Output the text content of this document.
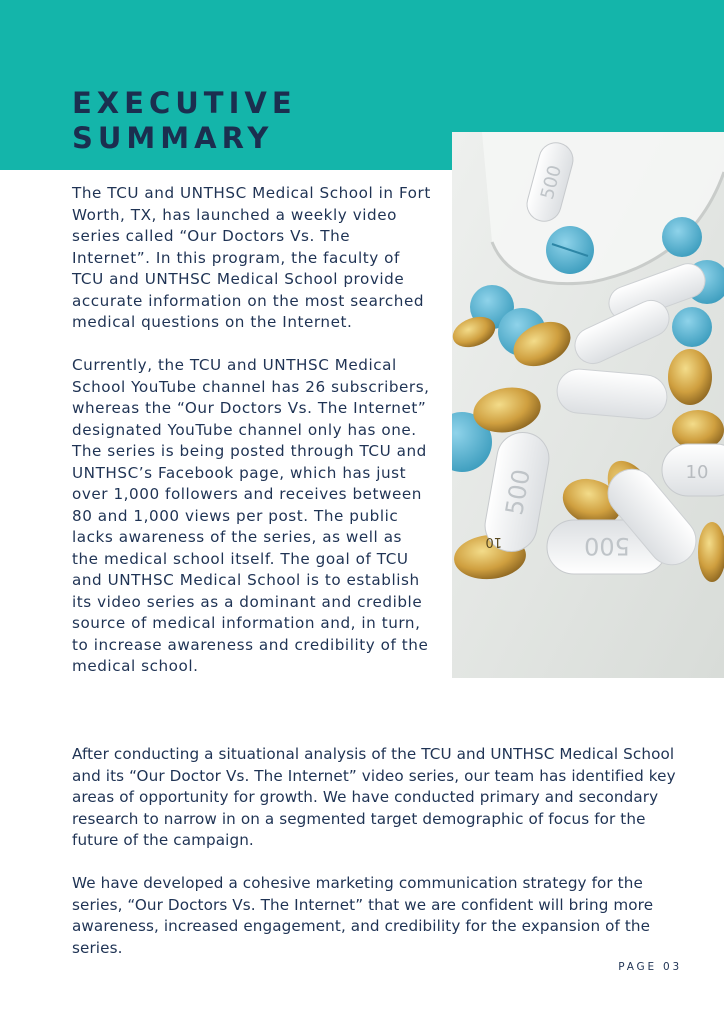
EXECUTIVE
SUMMARY
500
500
500
10
10

The TCU and UNTHSC Medical School in Fort Worth, TX, has launched a weekly video series called “Our Doctors Vs. The Internet”. In this program, the faculty of TCU and UNTHSC Medical School provide accurate information on the most searched medical questions on the Internet.

Currently, the TCU and UNTHSC Medical School YouTube channel has 26 subscribers, whereas the “Our Doctors Vs. The Internet” designated YouTube channel only has one. The series is being posted through TCU and UNTHSC’s Facebook page, which has just over 1,000 followers and receives between 80 and 1,000 views per post. The public lacks awareness of the series, as well as the medical school itself. The goal of TCU and UNTHSC Medical School is to establish its video series as a dominant and credible source of medical information and, in turn, to increase awareness and credibility of the medical school.

After conducting a situational analysis of the TCU and UNTHSC Medical School and its “Our Doctor Vs. The Internet” video series, our team has identified key areas of opportunity for growth. We have conducted primary and secondary research to narrow in on a segmented target demographic of focus for the future of the campaign.

We have developed a cohesive marketing communication strategy for the series, “Our Doctors Vs. The Internet” that we are confident will bring more awareness, increased engagement, and credibility for the expansion of the series.

PAGE 03
